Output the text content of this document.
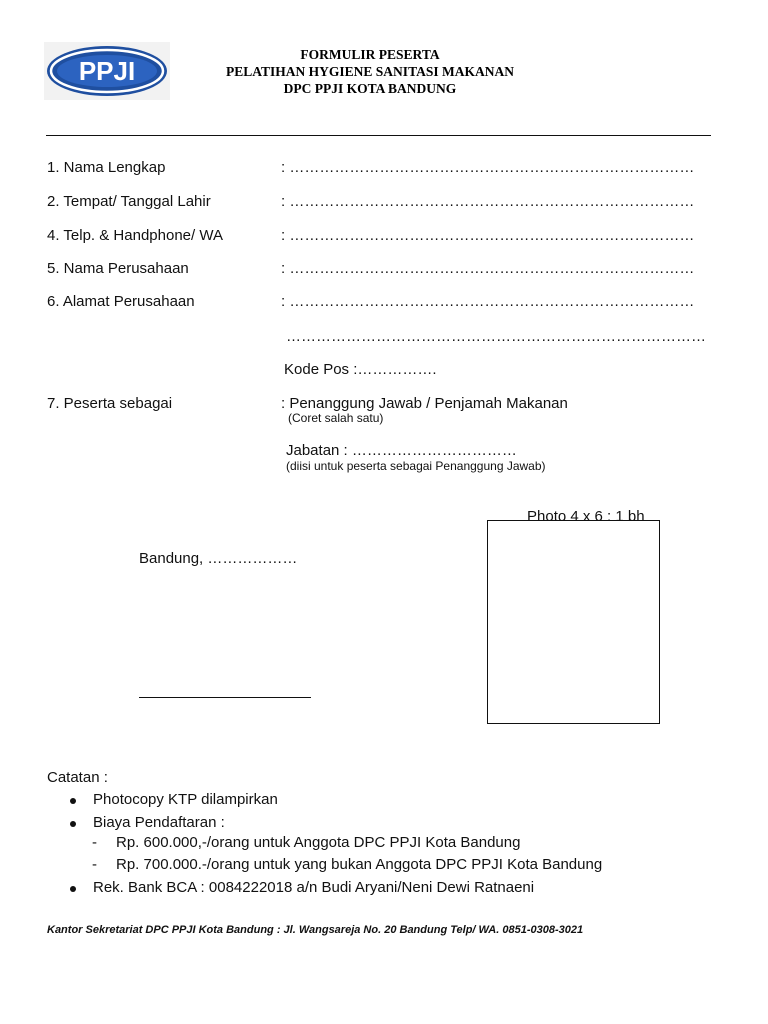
PPJI
FORMULIR PESERTA
PELATIHAN HYGIENE SANITASI MAKANAN
DPC PPJI KOTA BANDUNG
1. Nama Lengkap	: ………………………………………………………………………
2. Tempat/ Tanggal Lahir	: ………………………………………………………………………
4. Telp. & Handphone/ WA	: ………………………………………………………………………
5. Nama Perusahaan	: ………………………………………………………………………
6. Alamat Perusahaan	: ………………………………………………………………………
…………………………………………………………………………
Kode Pos :…………….
7. Peserta sebagai	: Penanggung Jawab / Penjamah Makanan
(Coret salah satu)
Jabatan : ……………………………
(diisi untuk peserta sebagai Penanggung Jawab)
Photo 4 x 6 : 1 bh
Bandung, ………………
Catatan :
Photocopy KTP dilampirkan
Biaya Pendaftaran :
- Rp. 600.000,-/orang untuk Anggota DPC PPJI Kota Bandung
- Rp. 700.000.-/orang untuk yang bukan Anggota DPC PPJI Kota Bandung
Rek. Bank BCA : 0084222018 a/n Budi Aryani/Neni Dewi Ratnaeni
Kantor Sekretariat DPC PPJI Kota Bandung : Jl. Wangsareja No. 20 Bandung Telp/ WA. 0851-0308-3021
